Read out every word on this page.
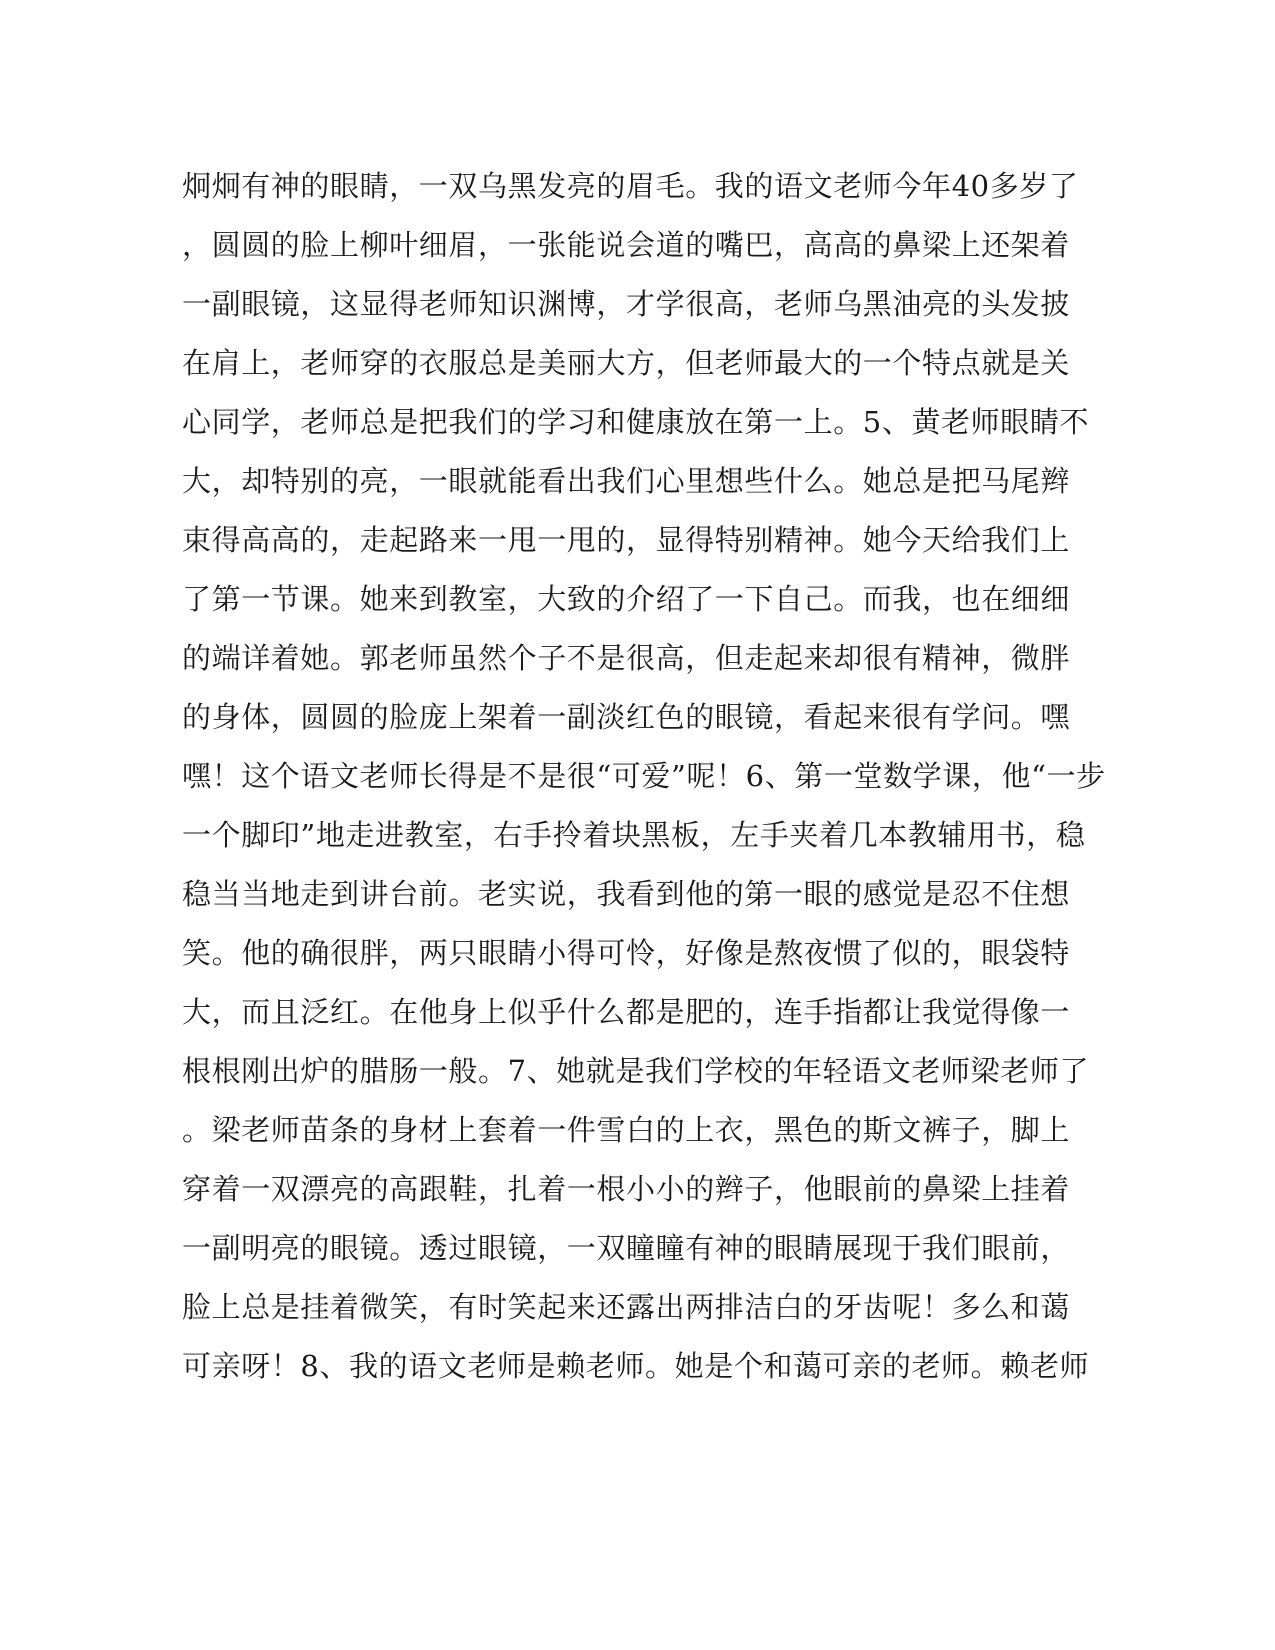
炯炯有神的眼睛，一双乌黑发亮的眉毛。我的语文老师今年40多岁了
，圆圆的脸上柳叶细眉，一张能说会道的嘴巴，高高的鼻梁上还架着
一副眼镜，这显得老师知识渊博，才学很高，老师乌黑油亮的头发披
在肩上，老师穿的衣服总是美丽大方，但老师最大的一个特点就是关
心同学，老师总是把我们的学习和健康放在第一上。5、黄老师眼睛不
大，却特别的亮，一眼就能看出我们心里想些什么。她总是把马尾辫
束得高高的，走起路来一甩一甩的，显得特别精神。她今天给我们上
了第一节课。她来到教室，大致的介绍了一下自己。而我，也在细细
的端详着她。郭老师虽然个子不是很高，但走起来却很有精神，微胖
的身体，圆圆的脸庞上架着一副淡红色的眼镜，看起来很有学问。嘿
嘿！这个语文老师长得是不是很“可爱”呢！6、第一堂数学课，他“一步
一个脚印”地走进教室，右手拎着块黑板，左手夹着几本教辅用书，稳
稳当当地走到讲台前。老实说，我看到他的第一眼的感觉是忍不住想
笑。他的确很胖，两只眼睛小得可怜，好像是熬夜惯了似的，眼袋特
大，而且泛红。在他身上似乎什么都是肥的，连手指都让我觉得像一
根根刚出炉的腊肠一般。7、她就是我们学校的年轻语文老师梁老师了
。梁老师苗条的身材上套着一件雪白的上衣，黑色的斯文裤子，脚上
穿着一双漂亮的高跟鞋，扎着一根小小的辫子，他眼前的鼻梁上挂着
一副明亮的眼镜。透过眼镜，一双瞳瞳有神的眼睛展现于我们眼前，
脸上总是挂着微笑，有时笑起来还露出两排洁白的牙齿呢！多么和蔼
可亲呀！8、我的语文老师是赖老师。她是个和蔼可亲的老师。赖老师
